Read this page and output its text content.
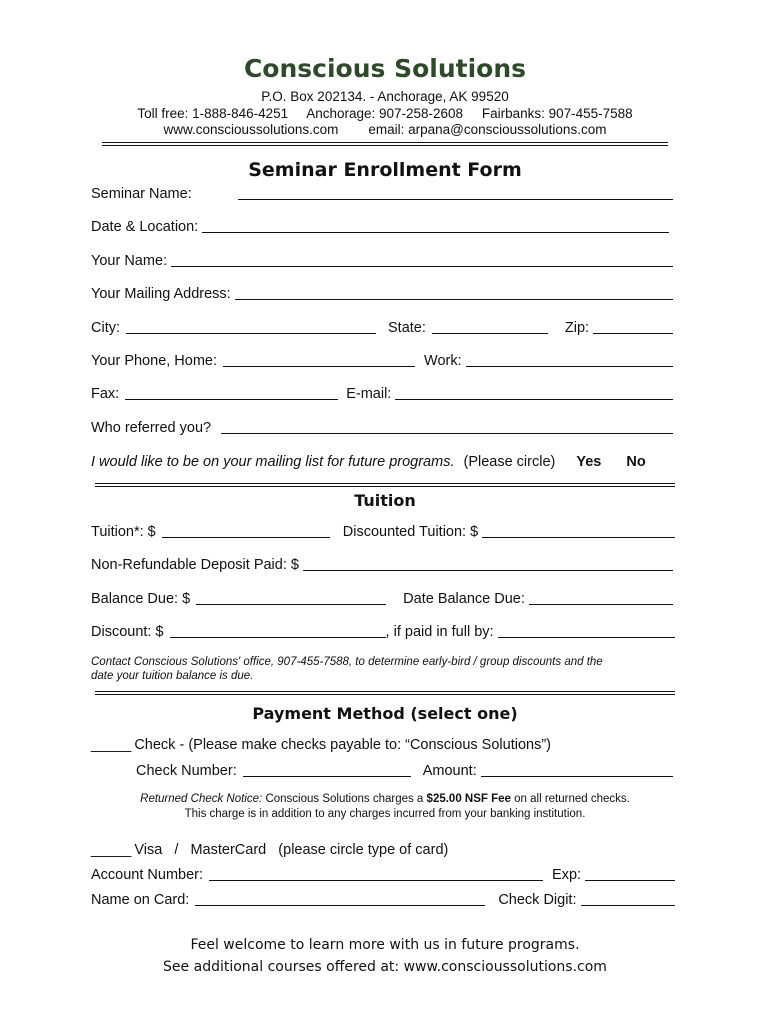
Conscious Solutions
P.O. Box 202134. - Anchorage, AK 99520
Toll free: 1-888-846-4251 Anchorage: 907-258-2608 Fairbanks: 907-455-7588
www.conscioussolutions.com email: arpana@conscioussolutions.com
Seminar Enrollment Form
Seminar Name:
Date & Location:
Your Name:
Your Mailing Address:
City:	State:	Zip:
Your Phone, Home:	Work:
Fax:	E-mail:
Who referred you?
I would like to be on your mailing list for future programs. (Please circle) Yes No
Tuition
Tuition*: $	Discounted Tuition: $
Non-Refundable Deposit Paid: $
Balance Due: $	Date Balance Due:
Discount: $	, if paid in full by:
Contact Conscious Solutions' office, 907-455-7588, to determine early-bird / group discounts and the
date your tuition balance is due.
Payment Method (select one)
_____ Check - (Please make checks payable to: “Conscious Solutions”)
Check Number:	Amount:
Returned Check Notice: Conscious Solutions charges a $25.00 NSF Fee on all returned checks.
This charge is in addition to any charges incurred from your banking institution.
_____ Visa   /   MasterCard   (please circle type of card)
Account Number:	Exp:
Name on Card:	Check Digit:
Feel welcome to learn more with us in future programs.
See additional courses offered at: www.conscioussolutions.com
